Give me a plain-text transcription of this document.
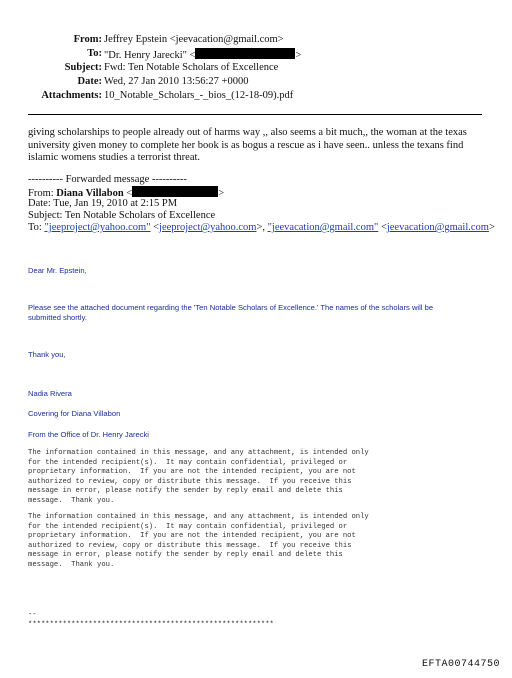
From: Jeffrey Epstein <jeevacation@gmail.com>
To: "Dr. Henry Jarecki" <	>
Subject: Fwd: Ten Notable Scholars of Excellence
Date: Wed, 27 Jan 2010 13:56:27 +0000
Attachments: 10_Notable_Scholars_-_bios_(12-18-09).pdf
giving scholarships to people already out of harms way ,, also seems a bit much,, the woman at the texas university given money to complete her book is as bogus a rescue as i have seen.. unless the texans find islamic womens studies a terrorist threat.
---------- Forwarded message ----------
From: Diana Villabon <	>
Date: Tue, Jan 19, 2010 at 2:15 PM
Subject: Ten Notable Scholars of Excellence
To: "jeeproject@yahoo.com" <jeeproject@yahoo.com>, "jeevacation@gmail.com" <jeevacation@gmail.com>
Dear Mr. Epstein,
Please see the attached document regarding the 'Ten Notable Scholars of Excellence.' The names of the scholars will be
submitted shortly.
Thank you,
Nadia Rivera
Covering for Diana Villabon
From the Office of Dr. Henry Jarecki
The information contained in this message, and any attachment, is intended only
for the intended recipient(s).  It may contain confidential, privileged or
proprietary information.  If you are not the intended recipient, you are not
authorized to review, copy or distribute this message.  If you receive this
message in error, please notify the sender by reply email and delete this
message.  Thank you.
The information contained in this message, and any attachment, is intended only
for the intended recipient(s).  It may contain confidential, privileged or
proprietary information.  If you are not the intended recipient, you are not
authorized to review, copy or distribute this message.  If you receive this
message in error, please notify the sender by reply email and delete this
message.  Thank you.
--
*********************************************************
EFTA00744750
